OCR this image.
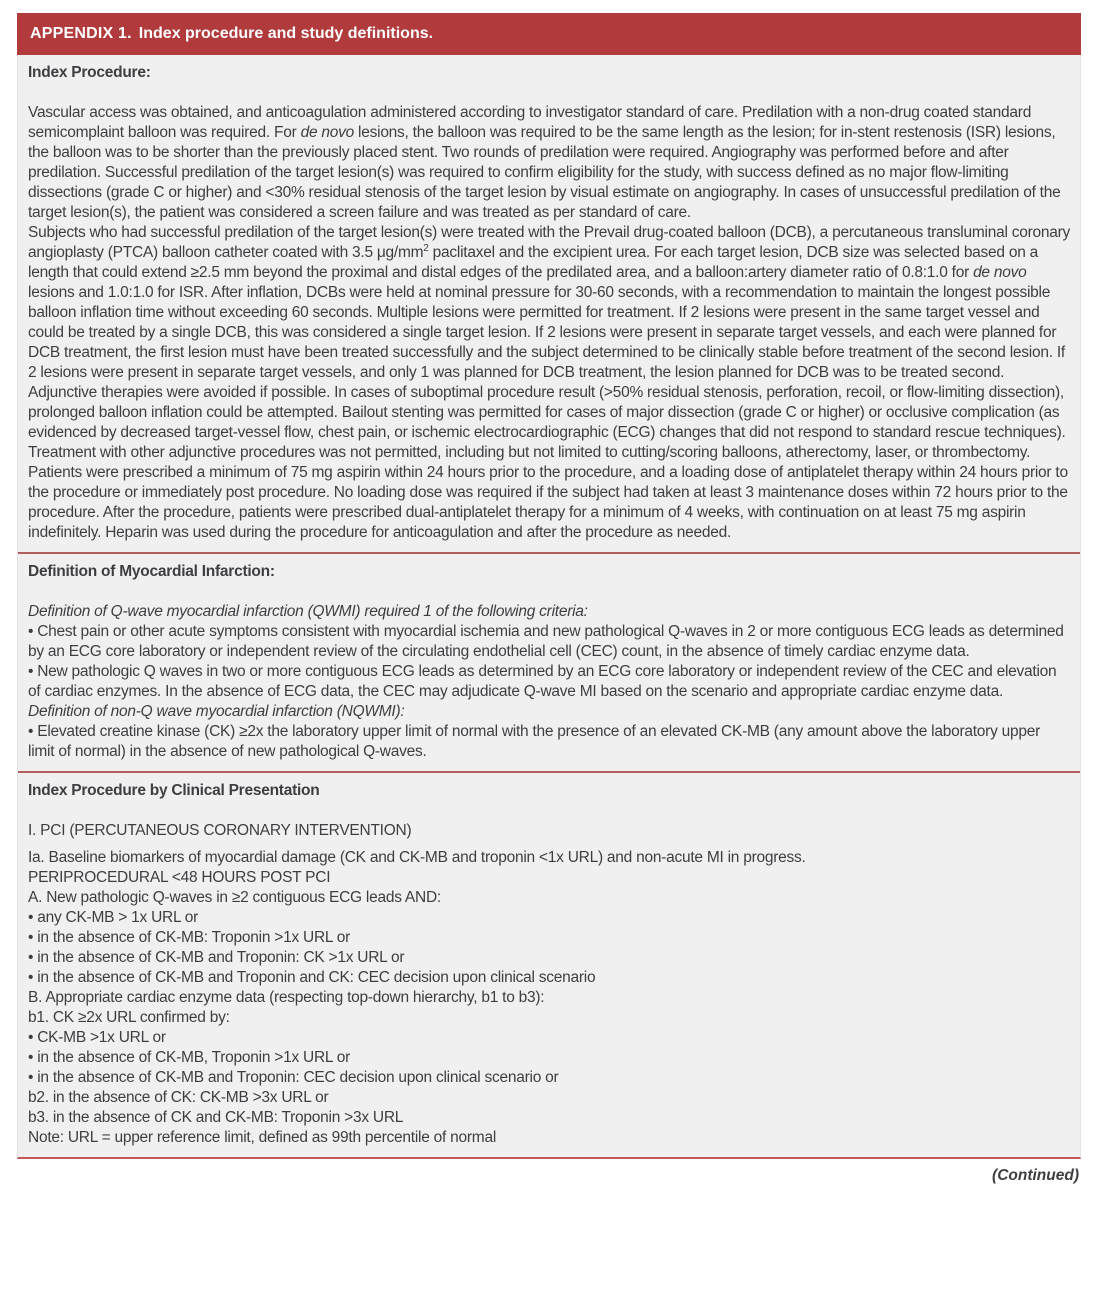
APPENDIX 1. Index procedure and study definitions.

Index Procedure:

Vascular access was obtained, and anticoagulation administered according to investigator standard of care. Predilation with a non-drug coated standard semicomplaint balloon was required. For de novo lesions, the balloon was required to be the same length as the lesion; for in-stent restenosis (ISR) lesions, the balloon was to be shorter than the previously placed stent. Two rounds of predilation were required. Angiography was performed before and after predilation. Successful predilation of the target lesion(s) was required to confirm eligibility for the study, with success defined as no major flow-limiting dissections (grade C or higher) and <30% residual stenosis of the target lesion by visual estimate on angiography. In cases of unsuccessful predilation of the target lesion(s), the patient was considered a screen failure and was treated as per standard of care.

Subjects who had successful predilation of the target lesion(s) were treated with the Prevail drug-coated balloon (DCB), a percutaneous transluminal coronary angioplasty (PTCA) balloon catheter coated with 3.5 $\mu g/mm^2$ paclitaxel and the excipient urea. For each target lesion, DCB size was selected based on a length that could extend ≥2.5 mm beyond the proximal and distal edges of the predilated area, and a balloon:artery diameter ratio of 0.8:1.0 for de novo lesions and 1.0:1.0 for ISR. After inflation, DCBs were held at nominal pressure for 30-60 seconds, with a recommendation to maintain the longest possible balloon inflation time without exceeding 60 seconds. Multiple lesions were permitted for treatment. If 2 lesions were present in the same target vessel and could be treated by a single DCB, this was considered a single target lesion. If 2 lesions were present in separate target vessels, and each were planned for DCB treatment, the first lesion must have been treated successfully and the subject determined to be clinically stable before treatment of the second lesion. If 2 lesions were present in separate target vessels, and only 1 was planned for DCB treatment, the lesion planned for DCB was to be treated second.

Adjunctive therapies were avoided if possible. In cases of suboptimal procedure result (>50% residual stenosis, perforation, recoil, or flow-limiting dissection), prolonged balloon inflation could be attempted. Bailout stenting was permitted for cases of major dissection (grade C or higher) or occlusive complication (as evidenced by decreased target-vessel flow, chest pain, or ischemic electrocardiographic (ECG) changes that did not respond to standard rescue techniques). Treatment with other adjunctive procedures was not permitted, including but not limited to cutting/scoring balloons, atherectomy, laser, or thrombectomy.

Patients were prescribed a minimum of 75 mg aspirin within 24 hours prior to the procedure, and a loading dose of antiplatelet therapy within 24 hours prior to the procedure or immediately post procedure. No loading dose was required if the subject had taken at least 3 maintenance doses within 72 hours prior to the procedure. After the procedure, patients were prescribed dual-antiplatelet therapy for a minimum of 4 weeks, with continuation on at least 75 mg aspirin indefinitely. Heparin was used during the procedure for anticoagulation and after the procedure as needed.

Definition of Myocardial Infarction:

Definition of Q-wave myocardial infarction (QWMI) required 1 of the following criteria:

• Chest pain or other acute symptoms consistent with myocardial ischemia and new pathological Q-waves in 2 or more contiguous ECG leads as determined by an ECG core laboratory or independent review of the circulating endothelial cell (CEC) count, in the absence of timely cardiac enzyme data.

• New pathologic Q waves in two or more contiguous ECG leads as determined by an ECG core laboratory or independent review of the CEC and elevation of cardiac enzymes. In the absence of ECG data, the CEC may adjudicate Q-wave MI based on the scenario and appropriate cardiac enzyme data.

Definition of non-Q wave myocardial infarction (NQWMI):

• Elevated creatine kinase (CK) ≥2x the laboratory upper limit of normal with the presence of an elevated CK-MB (any amount above the laboratory upper limit of normal) in the absence of new pathological Q-waves.

Index Procedure by Clinical Presentation

I. PCI (PERCUTANEOUS CORONARY INTERVENTION)

Ia. Baseline biomarkers of myocardial damage (CK and CK-MB and troponin <1x URL) and non-acute MI in progress.

PERIPROCEDURAL <48 HOURS POST PCI

A. New pathologic Q-waves in ≥2 contiguous ECG leads AND:

• any CK-MB > 1x URL or

• in the absence of CK-MB: Troponin >1x URL or

• in the absence of CK-MB and Troponin: CK >1x URL or

• in the absence of CK-MB and Troponin and CK: CEC decision upon clinical scenario

B. Appropriate cardiac enzyme data (respecting top-down hierarchy, b1 to b3):

b1. CK ≥2x URL confirmed by:

• CK-MB >1x URL or

• in the absence of CK-MB, Troponin >1x URL or

• in the absence of CK-MB and Troponin: CEC decision upon clinical scenario or

b2. in the absence of CK: CK-MB >3x URL or

b3. in the absence of CK and CK-MB: Troponin >3x URL

Note: URL = upper reference limit, defined as 99th percentile of normal

(Continued)
